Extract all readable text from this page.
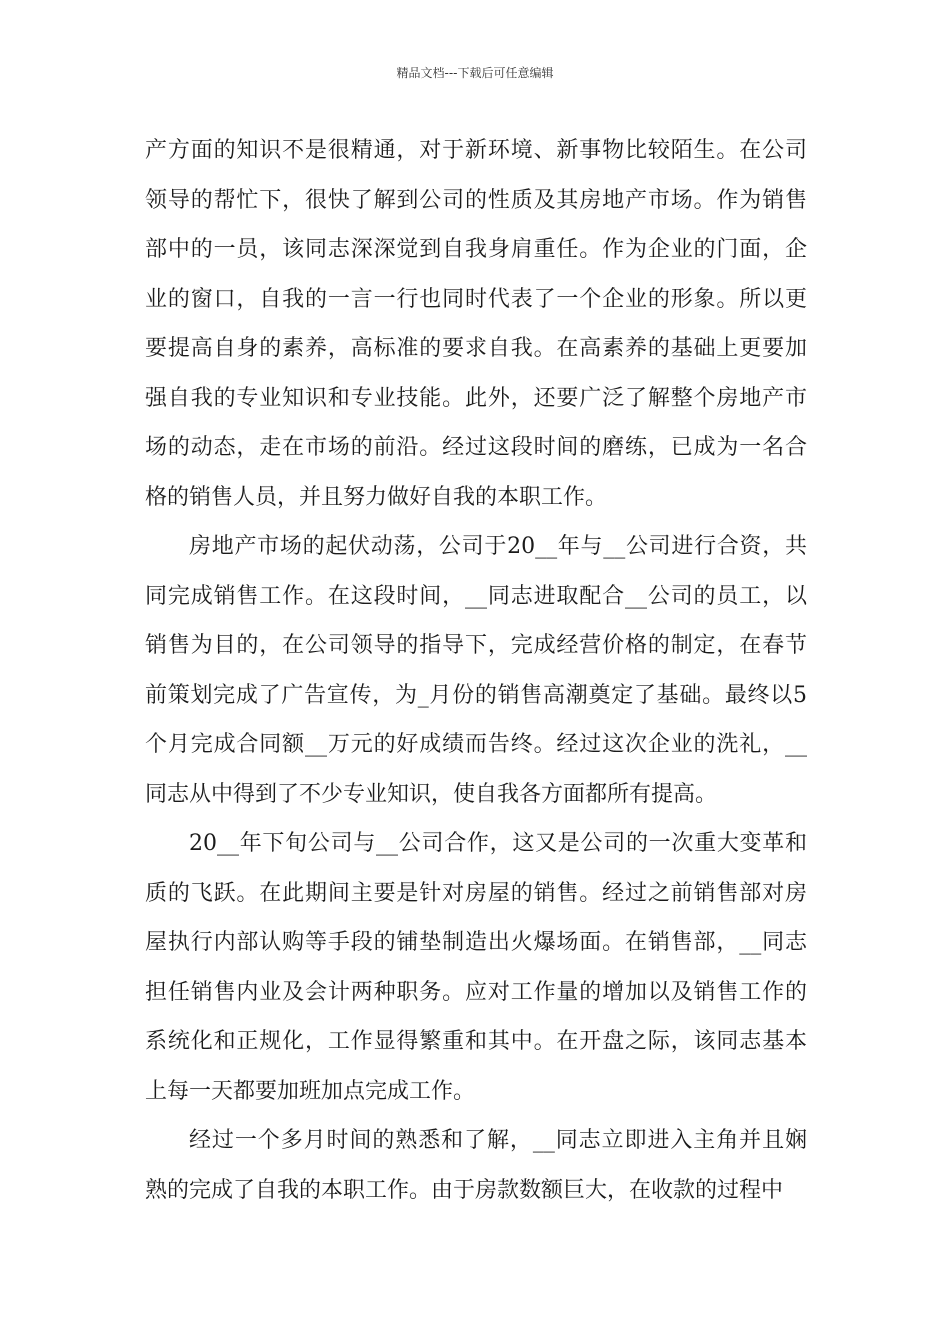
精品文档---下载后可任意编辑
产方面的知识不是很精通，对于新环境、新事物比较陌生。在公司
领导的帮忙下，很快了解到公司的性质及其房地产市场。作为销售
部中的一员，该同志深深觉到自我身肩重任。作为企业的门面，企
业的窗口，自我的一言一行也同时代表了一个企业的形象。所以更
要提高自身的素养，高标准的要求自我。在高素养的基础上更要加
强自我的专业知识和专业技能。此外，还要广泛了解整个房地产市
场的动态，走在市场的前沿。经过这段时间的磨练，已成为一名合
格的销售人员，并且努力做好自我的本职工作。
房地产市场的起伏动荡，公司于20__年与__公司进行合资，共
同完成销售工作。在这段时间，__同志进取配合__公司的员工，以
销售为目的，在公司领导的指导下，完成经营价格的制定，在春节
前策划完成了广告宣传，为_月份的销售高潮奠定了基础。最终以5
个月完成合同额__万元的好成绩而告终。经过这次企业的洗礼，__
同志从中得到了不少专业知识，使自我各方面都所有提高。
20__年下旬公司与__公司合作，这又是公司的一次重大变革和
质的飞跃。在此期间主要是针对房屋的销售。经过之前销售部对房
屋执行内部认购等手段的铺垫制造出火爆场面。在销售部，__同志
担任销售内业及会计两种职务。应对工作量的增加以及销售工作的
系统化和正规化，工作显得繁重和其中。在开盘之际，该同志基本
上每一天都要加班加点完成工作。
经过一个多月时间的熟悉和了解，__同志立即进入主角并且娴
熟的完成了自我的本职工作。由于房款数额巨大，在收款的过程中
